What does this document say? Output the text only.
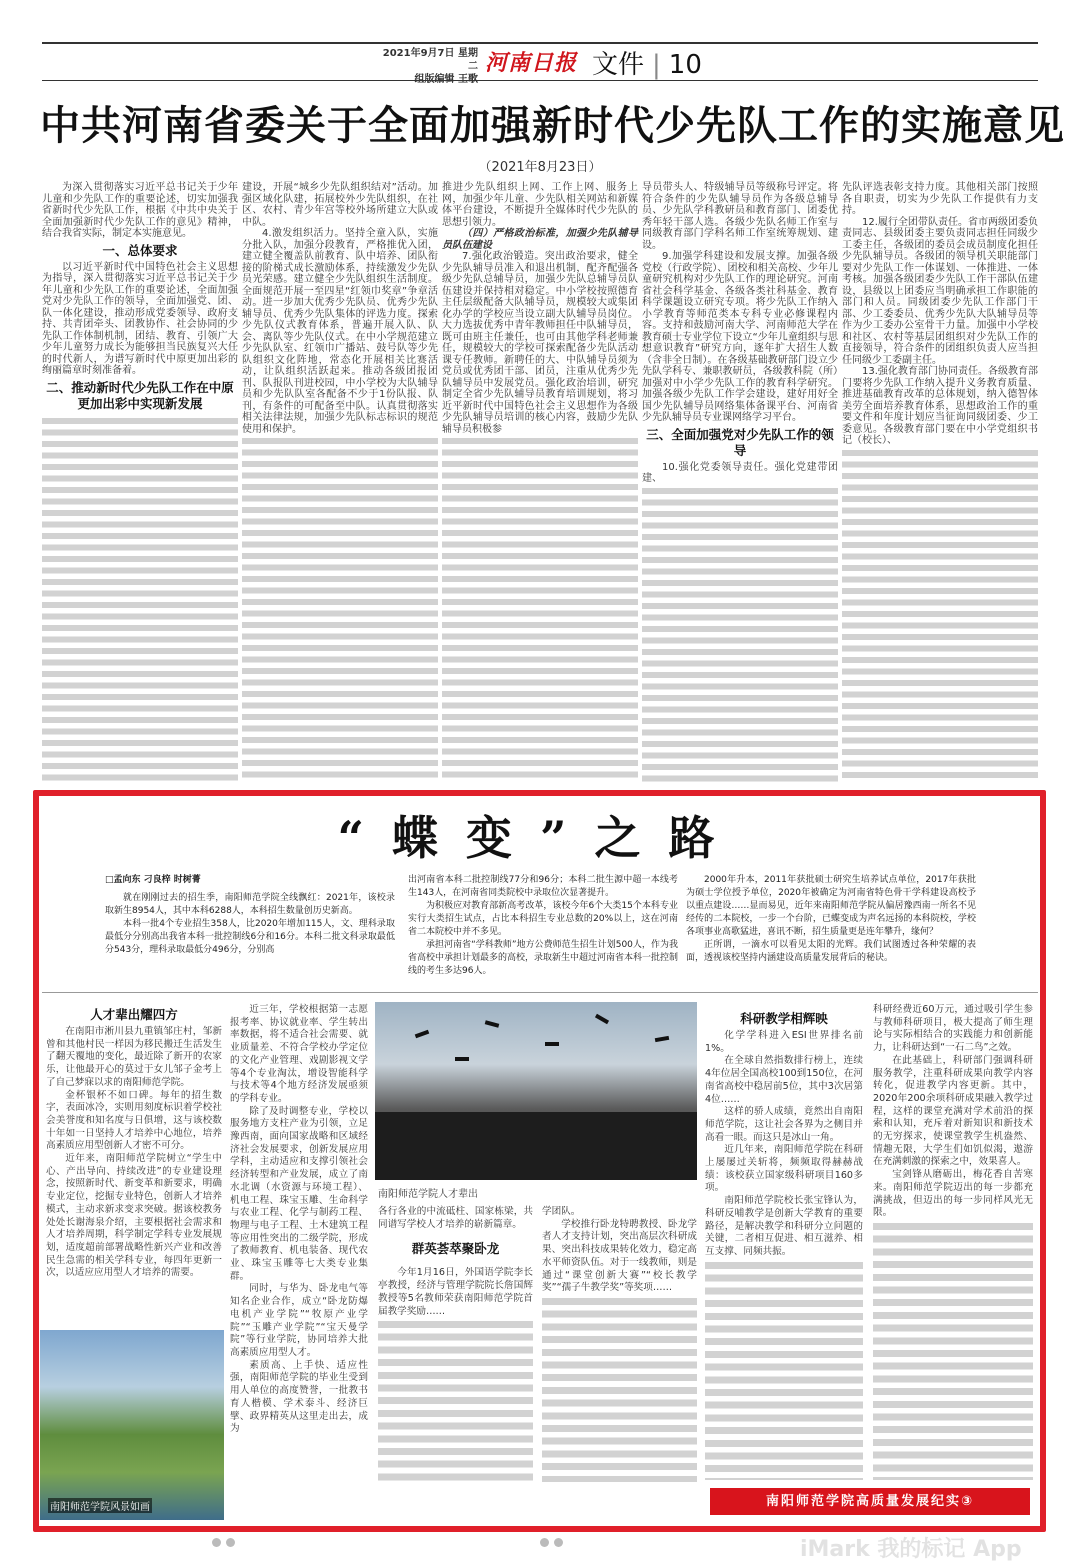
2021年9月7日 星期二 河南日报 文件 | 10
中共河南省委关于全面加强新时代少先队工作的实施意见
（2021年8月23日）

为深入贯彻落实习近平总书记关于少年儿童和少先队工作的重要论述，切实加强我省新时代少先队工作，根据《中共中央关于全面加强新时代少先队工作的意见》精神，结合我省实际，制定本实施意见。

一、总体要求

以习近平新时代中国特色社会主义思想为指导，深入贯彻落实习近平总书记关于少年儿童和少先队工作的重要论述，全面加强党对少先队工作的领导，全面加强党、团、队一体化建设，推动形成党委领导、政府支持、共青团牵头、团教协作、社会协同的少先队工作体制机制，团结、教育、引领广大少年儿童努力成长为能够担当民族复兴大任的时代新人，为谱写新时代中原更加出彩的绚丽篇章时刻准备着。

二、推动新时代少先队工作在中原更加出彩中实现新发展

建设，开展“城乡少先队组织结对”活动。加强区域化队建，拓展校外少先队组织，在社区、农村、青少年宫等校外场所建立大队或中队。

4.激发组织活力。坚持全童入队，实施分批入队，加强分段教育，严格推优入团，建立健全覆盖队前教育、队中培养、团队衔接的阶梯式成长激励体系，持续激发少先队员光荣感。建立健全少先队组织生活制度。全面规范开展一至四星“红领巾奖章”争章活动。进一步加大优秀少先队员、优秀少先队辅导员、优秀少先队集体的评选力度。探索少先队仪式教育体系，普遍开展入队、队会、离队等少先队仪式。在中小学规范建立少先队队室、红领巾广播站、鼓号队等少先队组织文化阵地，常态化开展相关比赛活动，让队组织活跃起来。推动各级团报团刊、队报队刊进校园，中小学校为大队辅导员和少先队队室各配备不少于1份队报、队刊，有条件的可配备至中队。认真贯彻落实相关法律法规，加强少先队标志标识的规范使用和保护。

推进少先队组织上网、工作上网、服务上网，加强少年儿童、少先队相关网站和新媒体平台建设，不断提升全媒体时代少先队的思想引领力。

（四）严格政治标准，加强少先队辅导员队伍建设

7.强化政治锻造。突出政治要求，健全少先队辅导员准入和退出机制，配齐配强各级少先队总辅导员，加强少先队总辅导员队伍建设并保持相对稳定。中小学校按照德育主任层级配备大队辅导员，规模较大或集团化办学的学校应当设立副大队辅导员岗位。大力选拔优秀中青年教师担任中队辅导员，既可由班主任兼任，也可由其他学科老师兼任，规模较大的学校可探索配备少先队活动课专任教师。新聘任的大、中队辅导员须为党员或优秀团干部、团员，注重从优秀少先队辅导员中发展党员。强化政治培训，研究制定全省少先队辅导员教育培训规划，将习近平新时代中国特色社会主义思想作为各级少先队辅导员培训的核心内容，鼓励少先队辅导员积极参

导员带头人、特级辅导员等级称号评定。将符合条件的少先队辅导员作为各级总辅导员、少先队学科教研员和教育部门、团委优秀年轻干部人选。各级少先队名师工作室与同级教育部门学科名师工作室统筹规划、建设。

9.加强学科建设和发展支撑。加强各级党校（行政学院）、团校和相关高校、少年儿童研究机构对少先队工作的理论研究。河南省社会科学基金、各级各类社科基金、教育科学课题设立研究专项。将少先队工作纳入小学教育等师范类本专科专业必修课程内容。支持和鼓励河南大学、河南师范大学在教育硕士专业学位下设立“少年儿童组织与思想意识教育”研究方向，逐年扩大招生人数（含非全日制）。在各级基础教研部门设立少先队学科专、兼职教研员，各级教科院（所）加强对中小学少先队工作的教育科学研究。加强各级少先队工作学会建设，建好用好全国少先队辅导员网络集体备课平台、河南省少先队辅导员专业课网络学习平台。

三、全面加强党对少先队工作的领导

10.强化党委领导责任。强化党建带团建、

先队评选表彰支持力度。其他相关部门按照各自职责，切实为少先队工作提供有力支持。

12.履行全团带队责任。省市两级团委负责同志、县级团委主要负责同志担任同级少工委主任，各级团的委员会成员制度化担任少先队辅导员。各级团的领导机关职能部门要对少先队工作一体谋划、一体推进、一体考核。加强各级团委少先队工作干部队伍建设，县级以上团委应当明确承担工作职能的部门和人员。同级团委少先队工作部门干部、少工委委员、优秀少先队大队辅导员等作为少工委办公室骨干力量。加强中小学校和社区、农村等基层团组织对少先队工作的直接领导，符合条件的团组织负责人应当担任同级少工委副主任。

13.强化教育部门协同责任。各级教育部门要将少先队工作纳入提升义务教育质量、推进基础教育改革的总体规划，纳入德智体美劳全面培养教育体系，思想政治工作的重要文件和年度计划应当征询同级团委、少工委意见。各级教育部门要在中小学党组织书记（校长）、

“蝶变”之路
□孟向东 刁良梓 时树菁

就在刚刚过去的招生季，南阳师范学院全线飘红：2021年，该校录取新生8954人，其中本科6288人，本科招生数量创历史新高。

本科一批4个专业招生358人，比2020年增加115人，文、理科录取最低分分别高出我省本科一批控制线6分和16分。本科二批文科录取最低分543分，理科录取最低分496分，分别高

出河南省本科二批控制线77分和96分；本科二批生源中超一本线考生143人，在河南省同类院校中录取位次显著提升。

为积极应对教育部新高考改革，该校今年6个大类15个本科专业实行大类招生试点，占比本科招生专业总数的20%以上，这在河南省二本院校中并不多见。

承担河南省“学科教师”地方公费师范生招生计划500人，作为我省高校中承担计划最多的高校，录取新生中超过河南省本科一批控制线的考生多达96人。

2000年升本，2011年获批硕士研究生培养试点单位，2017年获批为硕士学位授予单位，2020年被确定为河南省特色骨干学科建设高校予以重点建设……显而易见，近年来南阳师范学院从偏居豫西南一所名不见经传的二本院校，一步一个台阶，已蝶变成为声名远扬的本科院校，学校各项事业高歌猛进，喜讯不断，招生质量更是连年攀升，缘何？

正所谓，一滴水可以看见太阳的光辉。我们试图透过各种荣耀的表面，透视该校坚持内涵建设高质量发展背后的秘诀。

人才辈出耀四方

在南阳市淅川县九重镇邹庄村，邹新曾和其他村民一样因为移民搬迁生活发生了翻天覆地的变化，最近除了新开的农家乐，让他最开心的莫过于女儿邹子金考上了自己梦寐以求的南阳师范学院。

金杯银杯不如口碑。每年的招生数字，表面冰冷，实则用刻度标识着学校社会美誉度和知名度与日俱增，这与该校数十年如一日坚持人才培养中心地位，培养高素质应用型创新人才密不可分。

近年来，南阳师范学院树立“学生中心、产出导向、持续改进”的专业建设理念，按照新时代、新变革和新要求，明确专业定位，挖掘专业特色，创新人才培养模式，主动求新求变求突破。据该校教务处处长谢海泉介绍，主要根据社会需求和人才培养周期，科学制定学科专业发展规划，适度超前部署战略性新兴产业和改善民生急需的相关学科专业，每四年更新一次，以适应应用型人才培养的需要。

近三年，学校根据第一志愿报考率、协议就业率、学生转出率数据，将不适合社会需要、就业质量差、不符合学校办学定位的文化产业管理、戏剧影视文学等4个专业淘汰，增设智能科学与技术等4个地方经济发展亟须的学科专业。

除了及时调整专业，学校以服务地方支柱产业为引领，立足豫西南，面向国家战略和区域经济社会发展要求，创新发展应用学科，主动适应和支撑引领社会经济转型和产业发展，成立了南水北调（水资源与环境工程）、机电工程、珠宝玉雕、生命科学与农业工程、化学与制药工程、物理与电子工程、土木建筑工程等应用性突出的二级学院，形成了教师教育、机电装备、现代农业、珠宝玉雕等七大类专业集群。

同时，与华为、卧龙电气等知名企业合作，成立“卧龙防爆电机产业学院”“牧原产业学院”“玉雕产业学院”“宝天曼学院”等行业学院，协同培养大批高素质应用型人才。

素质高、上手快、适应性强，南阳师范学院的毕业生受到用人单位的高度赞誉，一批教书育人楷模、学术泰斗、经济巨擘、政界精英从这里走出去，成为

南阳师范学院人才辈出

各行各业的中流砥柱、国家栋梁，共同谱写学校人才培养的崭新篇章。

群英荟萃聚卧龙

今年1月16日，外国语学院李长亭教授，经济与管理学院院长詹国辉教授等5名教师荣获南阳师范学院首届教学奖励……

学团队。

学校推行卧龙特聘教授、卧龙学者人才支持计划，突出高层次科研成果、突出科技成果转化效力，稳定高水平师资队伍。对于一线教师，则是通过“课堂创新大赛”“校长教学奖”“孺子牛教学奖”等奖项……

科研教学相辉映

化学学科进入ESI世界排名前1%。

在全球自然指数排行榜上，连续4年位居全国高校100到150位，在河南省高校中稳居前5位，其中3次居第4位……

这样的骄人成绩，竟然出自南阳师范学院，这让社会各界为之侧目并高看一眼。而这只是冰山一角。

近几年来，南阳师范学院在科研上屡屡过关斩将，频频取得赫赫战绩：该校获立国家级科研项目160多项。

南阳师范学院校长张宝锋认为，科研反哺教学是创新大学教育的重要路径，是解决教学和科研分立问题的关键，二者相互促进、相互滋养、相互支撑、同频共振。

科研经费近60万元，通过吸引学生参与教师科研项目，极大提高了师生理论与实际相结合的实践能力和创新能力，让科研达到“一石二鸟”之效。

在此基础上，科研部门强调科研服务教学，注重科研成果向教学内容转化，促进教学内容更新。其中，2020年200余项科研成果融入教学过程，这样的课堂充满对学术前沿的探索和认知，充斥着对新知识和新技术的无穷探求，使课堂教学生机盎然、情趣无限，大学生们如饥似渴，遨游在充满刺激的探索之中，效果喜人。

宝剑锋从磨砺出，梅花香自苦寒来。南阳师范学院迈出的每一步都充满挑战，但迈出的每一步同样风光无限。

南阳师范学院风景如画	南阳师范学院高质量发展纪实③
iMark 我的标记 App
